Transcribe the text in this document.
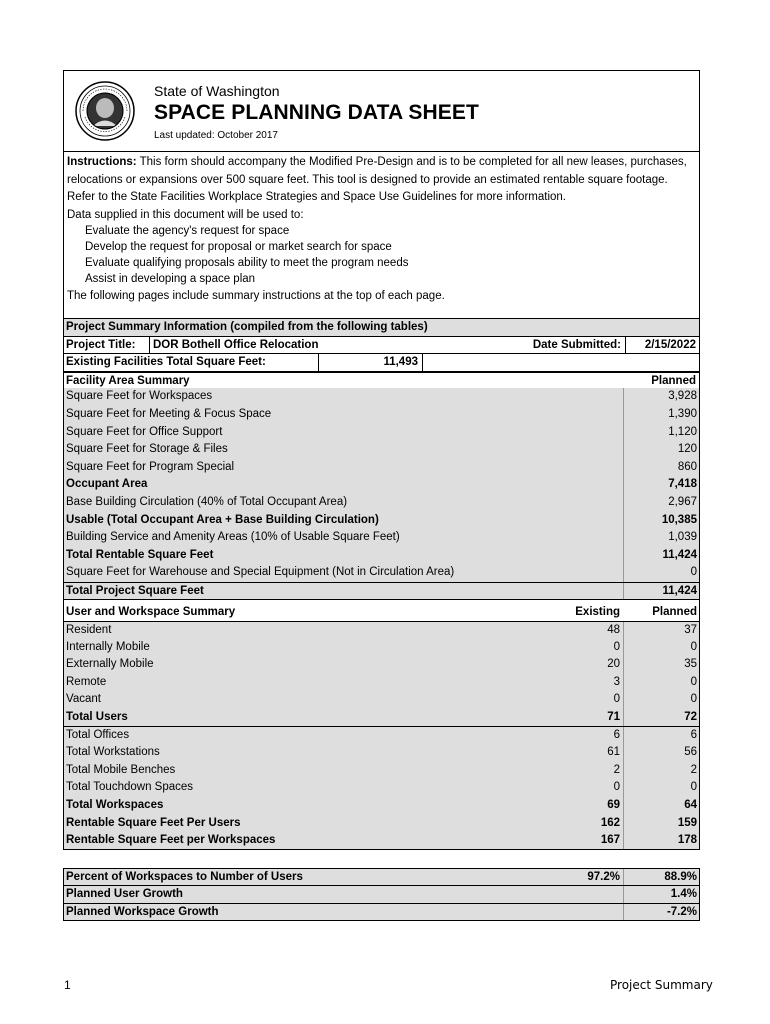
State of Washington
SPACE PLANNING DATA SHEET
Last updated: October 2017
Instructions: This form should accompany the Modified Pre-Design and is to be completed for all new leases, purchases, relocations or expansions over 500 square feet. This tool is designed to provide an estimated rentable square footage. Refer to the State Facilities Workplace Strategies and Space Use Guidelines for more information.
Data supplied in this document will be used to:
Evaluate the agency's request for space
Develop the request for proposal or market search for space
Evaluate qualifying proposals ability to meet the program needs
Assist in developing a space plan
The following pages include summary instructions at the top of each page.
Project Summary Information (compiled from the following tables)
Project Title:	DOR Bothell Office Relocation	Date Submitted:	2/15/2022
Existing Facilities Total Square Feet:	11,493
Facility Area Summary	Planned
Square Feet for Workspaces	3,928
Square Feet for Meeting & Focus Space	1,390
Square Feet for Office Support	1,120
Square Feet for Storage & Files	120
Square Feet for Program Special	860
Occupant Area	7,418
Base Building Circulation (40% of Total Occupant Area)	2,967
Usable (Total Occupant Area + Base Building Circulation)	10,385
Building Service and Amenity Areas (10% of Usable Square Feet)	1,039
Total Rentable Square Feet	11,424
Square Feet for Warehouse and Special Equipment (Not in Circulation Area)	0
Total Project Square Feet	11,424
User and Workspace Summary	Existing	Planned
Resident	48	37
Internally Mobile	0	0
Externally Mobile	20	35
Remote	3	0
Vacant	0	0
Total Users	71	72
Total Offices	6	6
Total Workstations	61	56
Total Mobile Benches	2	2
Total Touchdown Spaces	0	0
Total Workspaces	69	64
Rentable Square Feet Per Users	162	159
Rentable Square Feet per Workspaces	167	178
Percent of Workspaces to Number of Users	97.2%	88.9%
Planned User Growth	1.4%
Planned Workspace Growth	-7.2%
1	Project Summary
